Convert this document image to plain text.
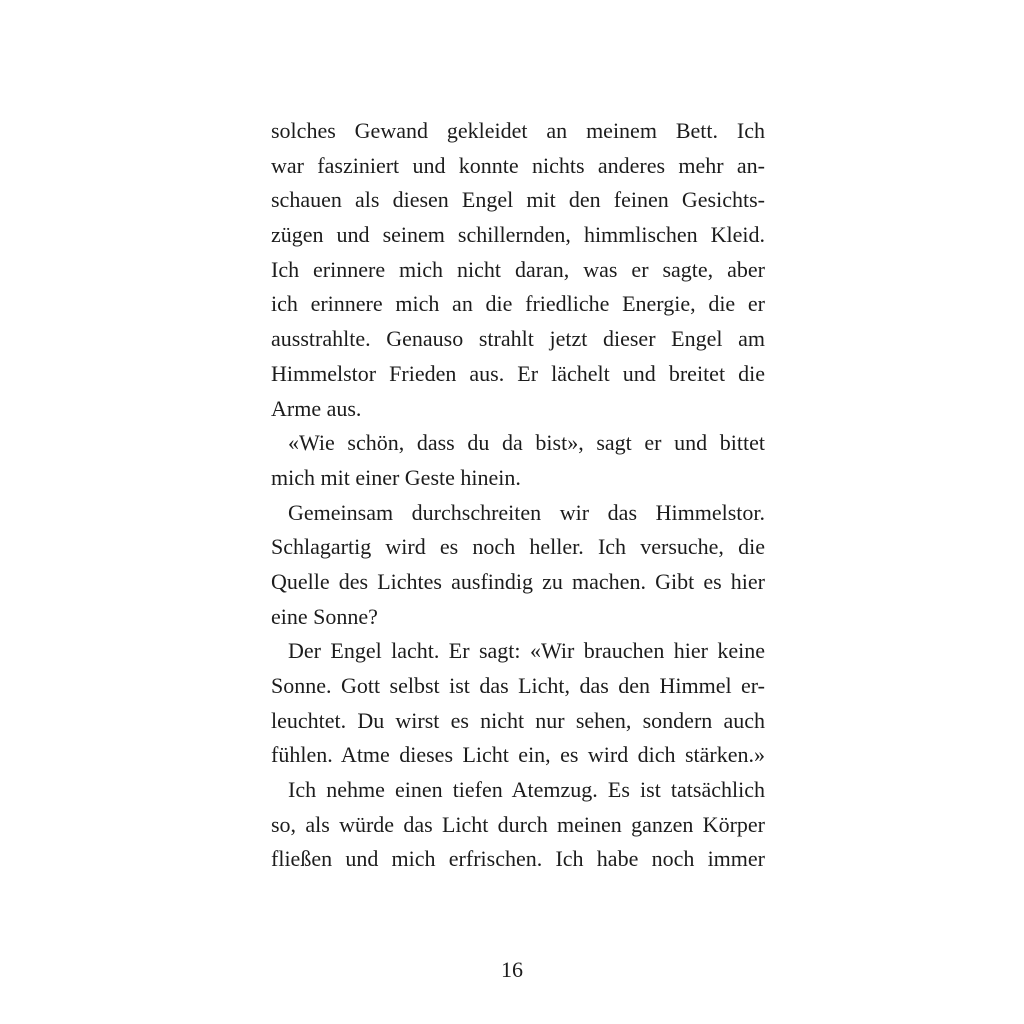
solches Gewand gekleidet an meinem Bett. Ich
war fasziniert und konnte nichts anderes mehr an-
schauen als diesen Engel mit den feinen Gesichts-
zügen und seinem schillernden, himmlischen Kleid.
Ich erinnere mich nicht daran, was er sagte, aber
ich erinnere mich an die friedliche Energie, die er
ausstrahlte. Genauso strahlt jetzt dieser Engel am
Himmelstor Frieden aus. Er lächelt und breitet die
Arme aus.
«Wie schön, dass du da bist», sagt er und bittet
mich mit einer Geste hinein.
Gemeinsam durchschreiten wir das Himmelstor.
Schlagartig wird es noch heller. Ich versuche, die
Quelle des Lichtes ausfindig zu machen. Gibt es hier
eine Sonne?
Der Engel lacht. Er sagt: «Wir brauchen hier keine
Sonne. Gott selbst ist das Licht, das den Himmel er-
leuchtet. Du wirst es nicht nur sehen, sondern auch
fühlen. Atme dieses Licht ein, es wird dich stärken.»
Ich nehme einen tiefen Atemzug. Es ist tatsächlich
so, als würde das Licht durch meinen ganzen Körper
fließen und mich erfrischen. Ich habe noch immer
16
